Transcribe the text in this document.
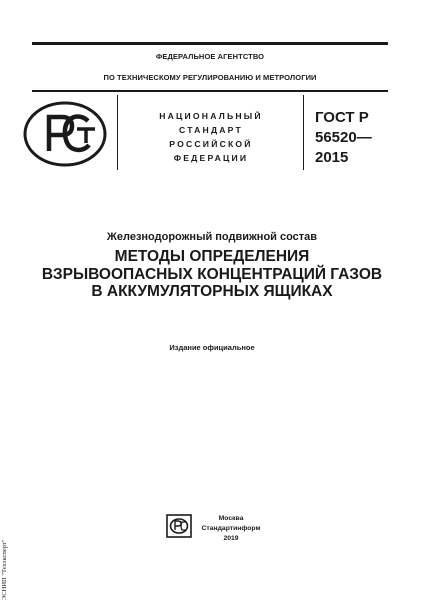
ФЕДЕРАЛЬНОЕ АГЕНТСТВО
ПО ТЕХНИЧЕСКОМУ РЕГУЛИРОВАНИЮ И МЕТРОЛОГИИ
НАЦИОНАЛЬНЫЙ
СТАНДАРТ
РОССИЙСКОЙ
ФЕДЕРАЦИИ
ГОСТ Р
56520—
2015
Железнодорожный подвижной состав
МЕТОДЫ ОПРЕДЕЛЕНИЯ
ВЗРЫВООПАСНЫХ КОНЦЕНТРАЦИЙ ГАЗОВ
В АККУМУЛЯТОРНЫХ ЯЩИКАХ
Издание официальное
Москва
Стандартинформ
2019
ЭСНИП "Техэксперт"
